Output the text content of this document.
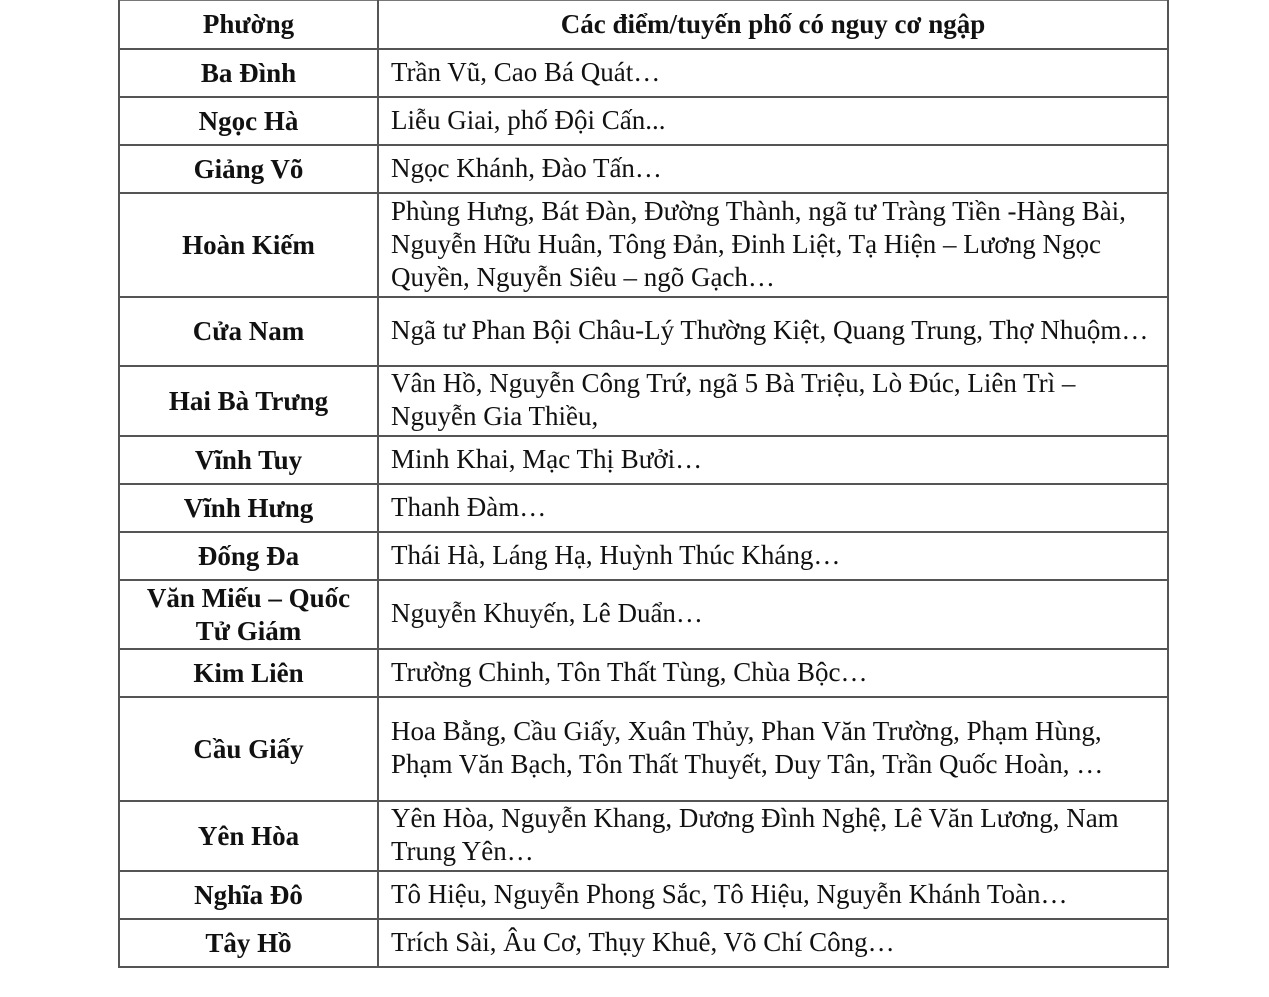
Phường	Các điểm/tuyến phố có nguy cơ ngập
Ba Đình	Trần Vũ, Cao Bá Quát…
Ngọc Hà	Liễu Giai, phố Đội Cấn...
Giảng Võ	Ngọc Khánh, Đào Tấn…
Hoàn Kiếm	Phùng Hưng, Bát Đàn, Đường Thành, ngã tư Tràng Tiền -Hàng Bài, Nguyễn Hữu Huân, Tông Đản, Đinh Liệt, Tạ Hiện – Lương Ngọc Quyền, Nguyễn Siêu – ngõ Gạch…
Cửa Nam	Ngã tư Phan Bội Châu-Lý Thường Kiệt, Quang Trung, Thợ Nhuộm…
Hai Bà Trưng	Vân Hồ, Nguyễn Công Trứ, ngã 5 Bà Triệu, Lò Đúc, Liên Trì – Nguyễn Gia Thiều,
Vĩnh Tuy	Minh Khai, Mạc Thị Bưởi…
Vĩnh Hưng	Thanh Đàm…
Đống Đa	Thái Hà, Láng Hạ, Huỳnh Thúc Kháng…
Văn Miếu – Quốc Tử Giám	Nguyễn Khuyến, Lê Duẩn…
Kim Liên	Trường Chinh, Tôn Thất Tùng, Chùa Bộc…
Cầu Giấy	Hoa Bằng, Cầu Giấy, Xuân Thủy, Phan Văn Trường, Phạm Hùng, Phạm Văn Bạch, Tôn Thất Thuyết, Duy Tân, Trần Quốc Hoàn, …
Yên Hòa	Yên Hòa, Nguyễn Khang, Dương Đình Nghệ, Lê Văn Lương, Nam Trung Yên…
Nghĩa Đô	Tô Hiệu, Nguyễn Phong Sắc, Tô Hiệu, Nguyễn Khánh Toàn…
Tây Hồ	Trích Sài, Âu Cơ, Thụy Khuê, Võ Chí Công…
